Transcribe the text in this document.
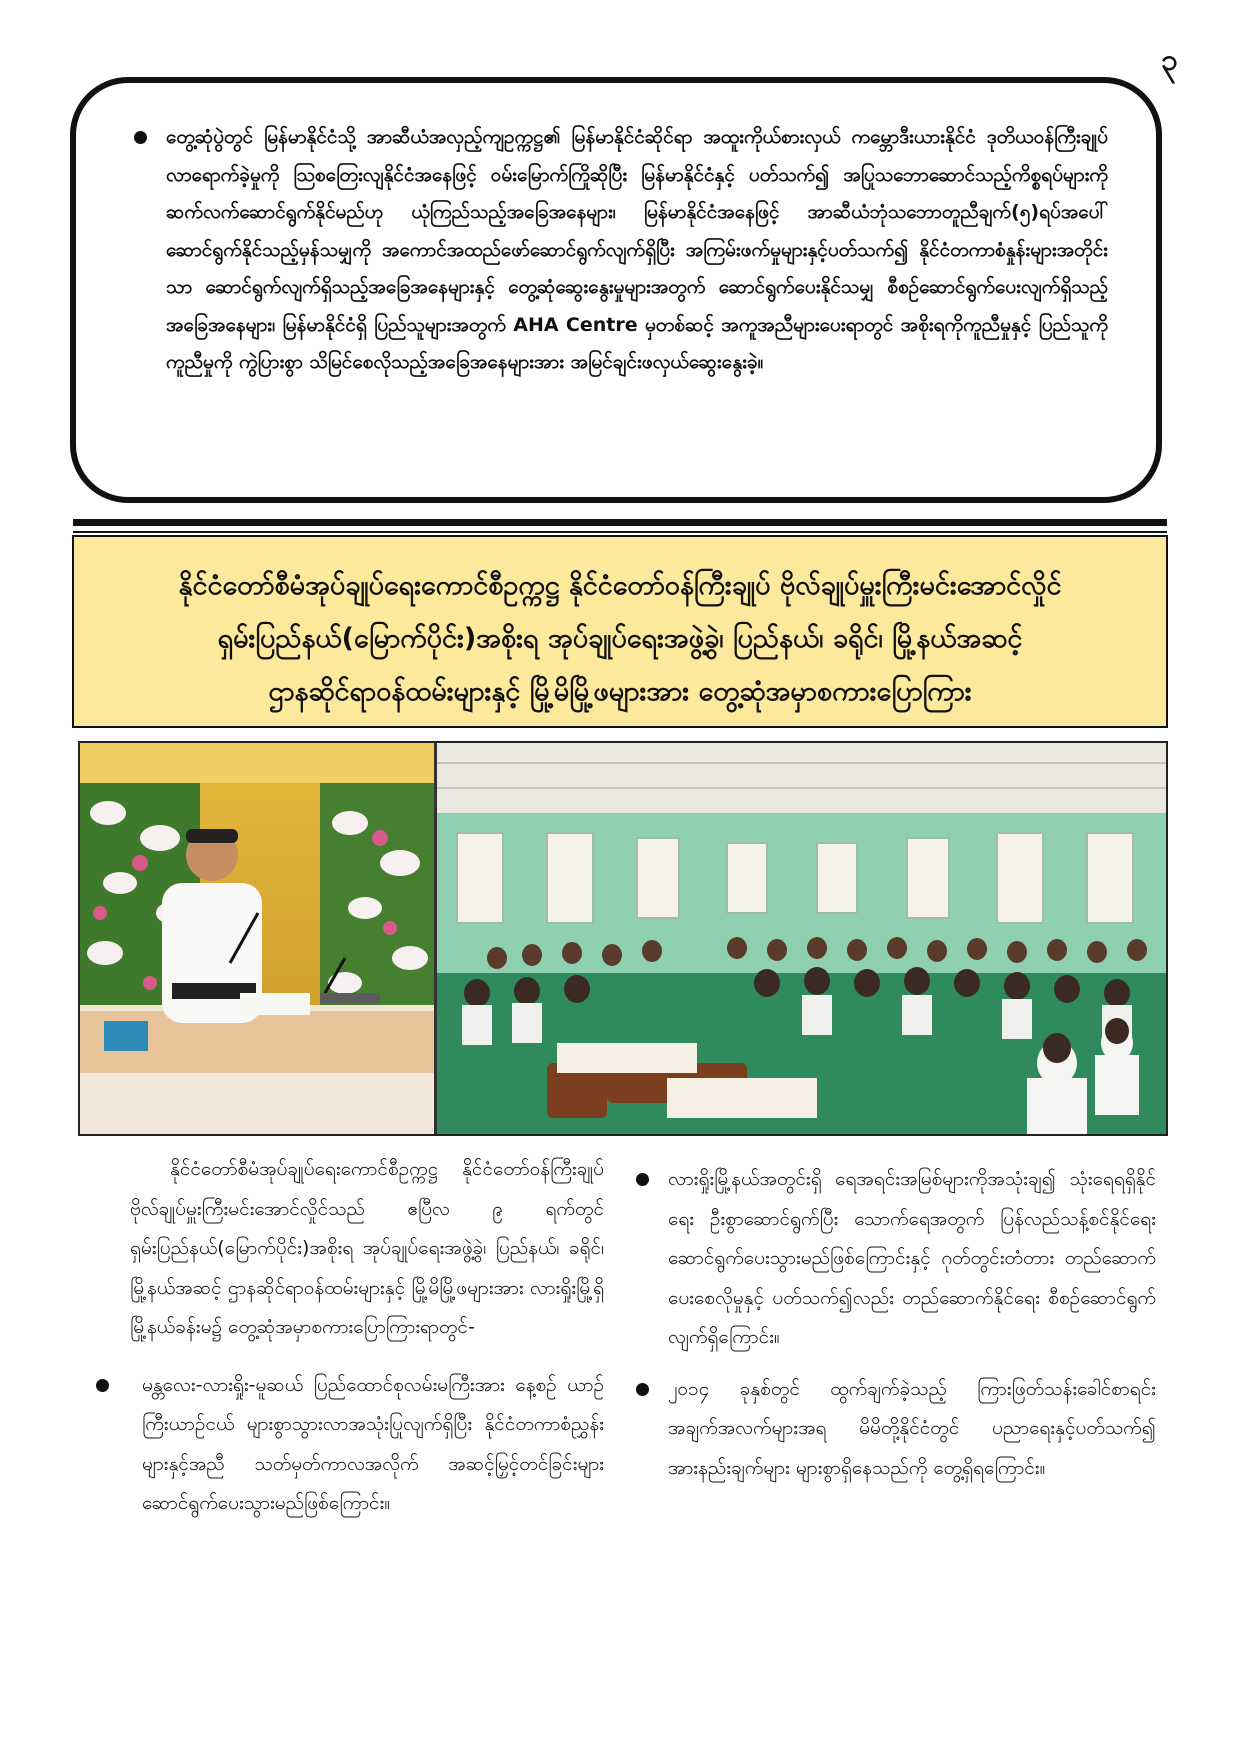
၃

တွေ့ဆုံပွဲတွင် မြန်မာနိုင်ငံသို့ အာဆီယံအလှည့်ကျဥက္ကဋ္ဌ၏ မြန်မာနိုင်ငံဆိုင်ရာ အထူးကိုယ်စားလှယ် ကမ္ဘောဒီးယားနိုင်ငံ ဒုတိယဝန်ကြီးချုပ် လာရောက်ခဲ့မှုကို ဩစတြေးလျနိုင်ငံအနေဖြင့် ဝမ်းမြောက်ကြိုဆိုပြီး မြန်မာနိုင်ငံနှင့် ပတ်သက်၍ အပြုသဘောဆောင်သည့်ကိစ္စရပ်များကို ဆက်လက်ဆောင်ရွက်နိုင်မည်ဟု ယုံကြည်သည့်အခြေအနေများ၊ မြန်မာနိုင်ငံအနေဖြင့် အာဆီယံဘုံသဘောတူညီချက်(၅)ရပ်အပေါ် ဆောင်ရွက်နိုင်သည့်မှန်သမျှကို အကောင်အထည်ဖော်ဆောင်ရွက်လျက်ရှိပြီး အကြမ်းဖက်မှုများနှင့်ပတ်သက်၍ နိုင်ငံတကာစံနှုန်းများအတိုင်းသာ ဆောင်ရွက်လျက်ရှိသည့်အခြေအနေများနှင့် တွေ့ဆုံဆွေးနွေးမှုများအတွက် ဆောင်ရွက်ပေးနိုင်သမျှ စီစဉ်ဆောင်ရွက်ပေးလျက်ရှိသည့်အခြေအနေများ၊ မြန်မာနိုင်ငံရှိ ပြည်သူများအတွက် AHA Centre မှတစ်ဆင့် အကူအညီများပေးရာတွင် အစိုးရကိုကူညီမှုနှင့် ပြည်သူကိုကူညီမှုကို ကွဲပြားစွာ သိမြင်စေလိုသည့်အခြေအနေများအား အမြင်ချင်းဖလှယ်ဆွေးနွေးခဲ့။

နိုင်ငံတော်စီမံအုပ်ချုပ်ရေးကောင်စီဥက္ကဋ္ဌ နိုင်ငံတော်ဝန်ကြီးချုပ် ဗိုလ်ချုပ်မှူးကြီးမင်းအောင်လှိုင်
ရှမ်းပြည်နယ်(မြောက်ပိုင်း)အစိုးရ အုပ်ချုပ်ရေးအဖွဲ့ခွဲ၊ ပြည်နယ်၊ ခရိုင်၊ မြို့နယ်အဆင့်
ဌာနဆိုင်ရာဝန်ထမ်းများနှင့် မြို့မိမြို့ဖများအား တွေ့ဆုံအမှာစကားပြောကြား

နိုင်ငံတော်စီမံအုပ်ချုပ်ရေးကောင်စီဥက္ကဋ္ဌ နိုင်ငံတော်ဝန်ကြီးချုပ် ဗိုလ်ချုပ်မှူးကြီးမင်းအောင်လှိုင်သည် ဧပြီလ ၉ ရက်တွင် ရှမ်းပြည်နယ်(မြောက်ပိုင်း)အစိုးရ အုပ်ချုပ်ရေးအဖွဲ့ခွဲ၊ ပြည်နယ်၊ ခရိုင်၊ မြို့နယ်အဆင့် ဌာနဆိုင်ရာဝန်ထမ်းများနှင့် မြို့မိမြို့ဖများအား လားရှိုးမြို့ရှိ မြို့နယ်ခန်းမ၌ တွေ့ဆုံအမှာစကားပြောကြားရာတွင်-

မန္တလေး-လားရှိုး-မူဆယ် ပြည်ထောင်စုလမ်းမကြီးအား နေ့စဉ် ယာဉ်ကြီးယာဉ်ငယ် များစွာသွားလာအသုံးပြုလျက်ရှိပြီး နိုင်ငံတကာစံညွှန်းများနှင့်အညီ သတ်မှတ်ကာလအလိုက် အဆင့်မြှင့်တင်ခြင်းများ ဆောင်ရွက်ပေးသွားမည်ဖြစ်ကြောင်း။

လားရှိုးမြို့နယ်အတွင်းရှိ ရေအရင်းအမြစ်များကိုအသုံးချ၍ သုံးရေရရှိနိုင်ရေး ဦးစွာဆောင်ရွက်ပြီး သောက်ရေအတွက် ပြန်လည်သန့်စင်နိုင်ရေး ဆောင်ရွက်ပေးသွားမည်ဖြစ်ကြောင်းနှင့် ဂုတ်တွင်းတံတား တည်ဆောက်ပေးစေလိုမှုနှင့် ပတ်သက်၍လည်း တည်ဆောက်နိုင်ရေး စီစဉ်ဆောင်ရွက်လျက်ရှိကြောင်း။

၂၀၁၄ ခုနှစ်တွင် ထွက်ချက်ခဲ့သည့် ကြားဖြတ်သန်းခေါင်စာရင်းအချက်အလက်များအရ မိမိတို့နိုင်ငံတွင် ပညာရေးနှင့်ပတ်သက်၍ အားနည်းချက်များ များစွာရှိနေသည်ကို တွေ့ရှိရကြောင်း။
